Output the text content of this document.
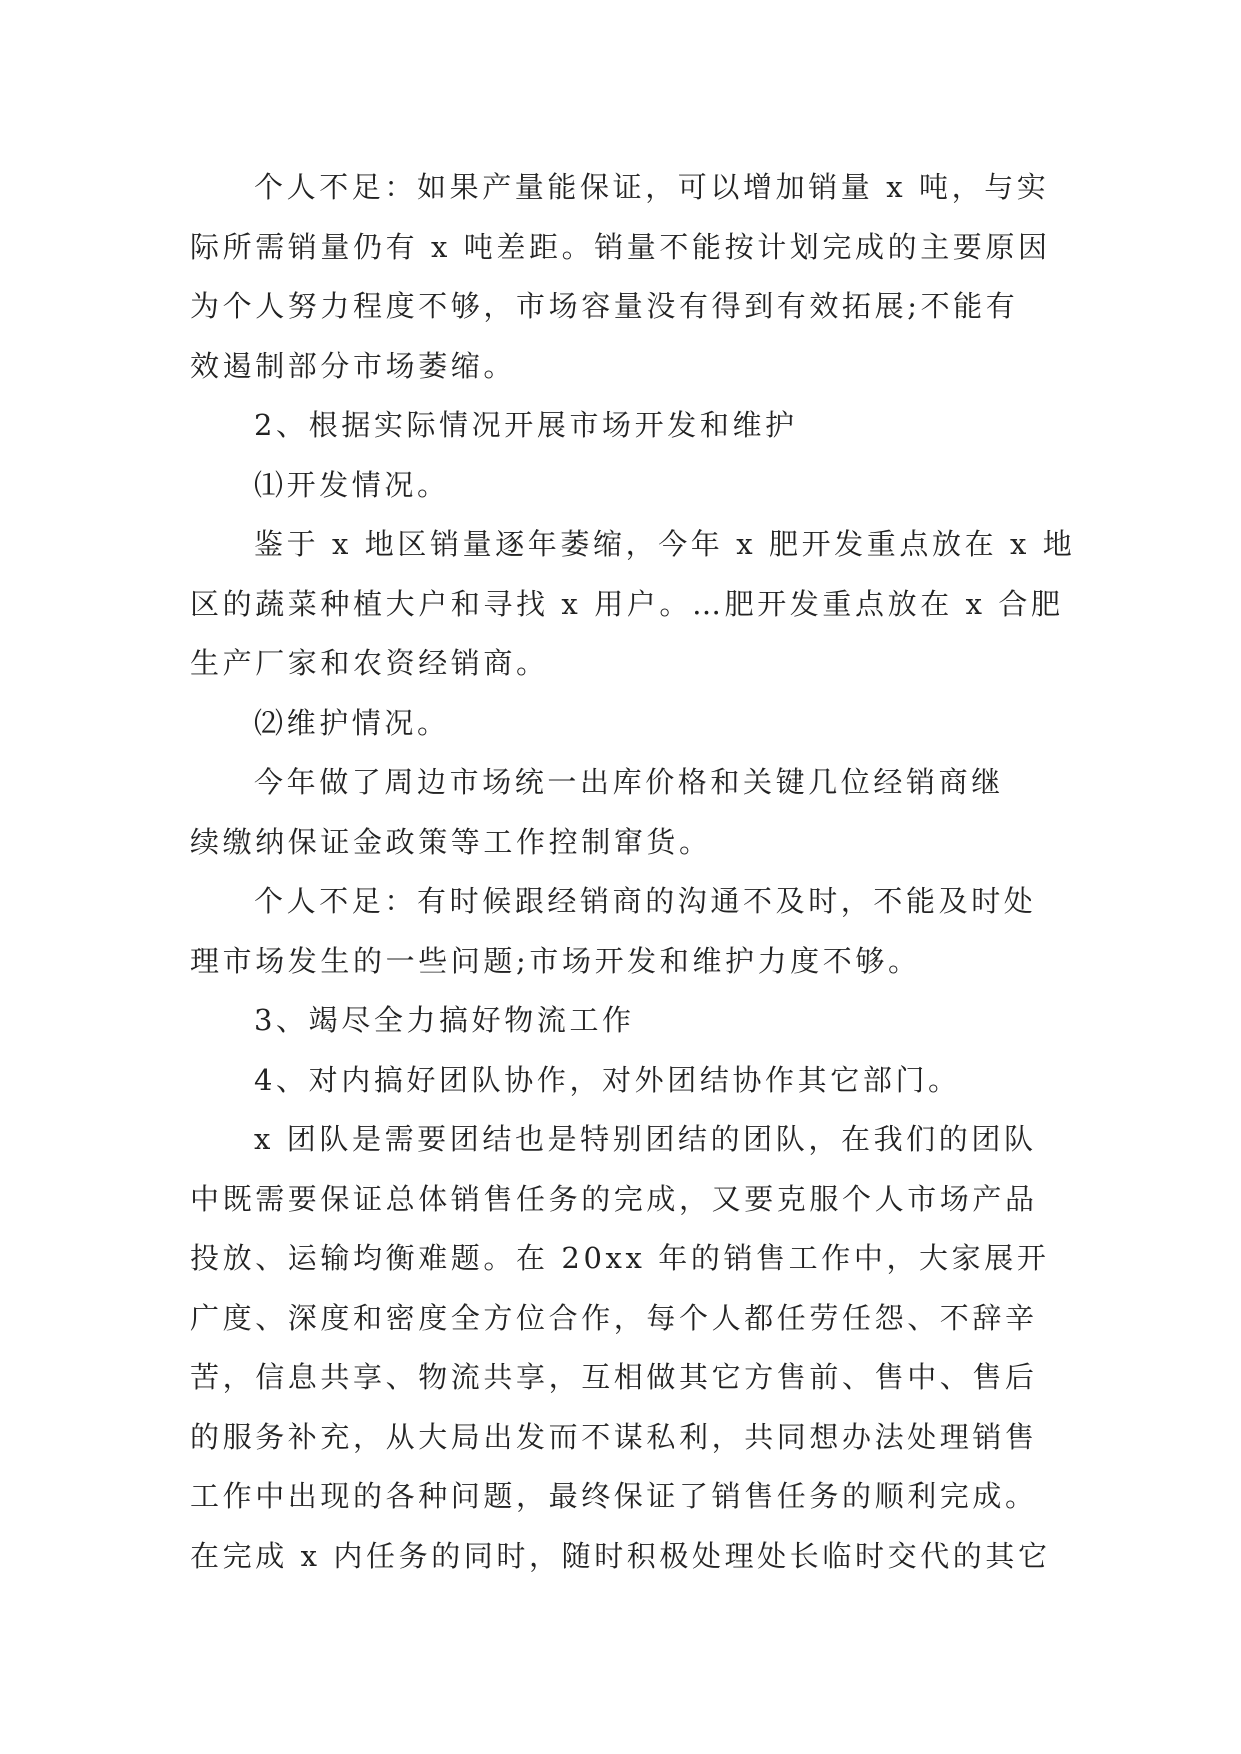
个人不足：如果产量能保证，可以增加销量 x 吨，与实
际所需销量仍有 x 吨差距。销量不能按计划完成的主要原因
为个人努力程度不够，市场容量没有得到有效拓展;不能有
效遏制部分市场萎缩。
2、根据实际情况开展市场开发和维护
⑴开发情况。
鉴于 x 地区销量逐年萎缩，今年 x 肥开发重点放在 x 地
区的蔬菜种植大户和寻找 x 用户。…肥开发重点放在 x 合肥
生产厂家和农资经销商。
⑵维护情况。
今年做了周边市场统一出库价格和关键几位经销商继
续缴纳保证金政策等工作控制窜货。
个人不足：有时候跟经销商的沟通不及时，不能及时处
理市场发生的一些问题;市场开发和维护力度不够。
3、竭尽全力搞好物流工作
4、对内搞好团队协作，对外团结协作其它部门。
x 团队是需要团结也是特别团结的团队，在我们的团队
中既需要保证总体销售任务的完成，又要克服个人市场产品
投放、运输均衡难题。在 20xx 年的销售工作中，大家展开
广度、深度和密度全方位合作，每个人都任劳任怨、不辞辛
苦，信息共享、物流共享，互相做其它方售前、售中、售后
的服务补充，从大局出发而不谋私利，共同想办法处理销售
工作中出现的各种问题，最终保证了销售任务的顺利完成。
在完成 x 内任务的同时，随时积极处理处长临时交代的其它
